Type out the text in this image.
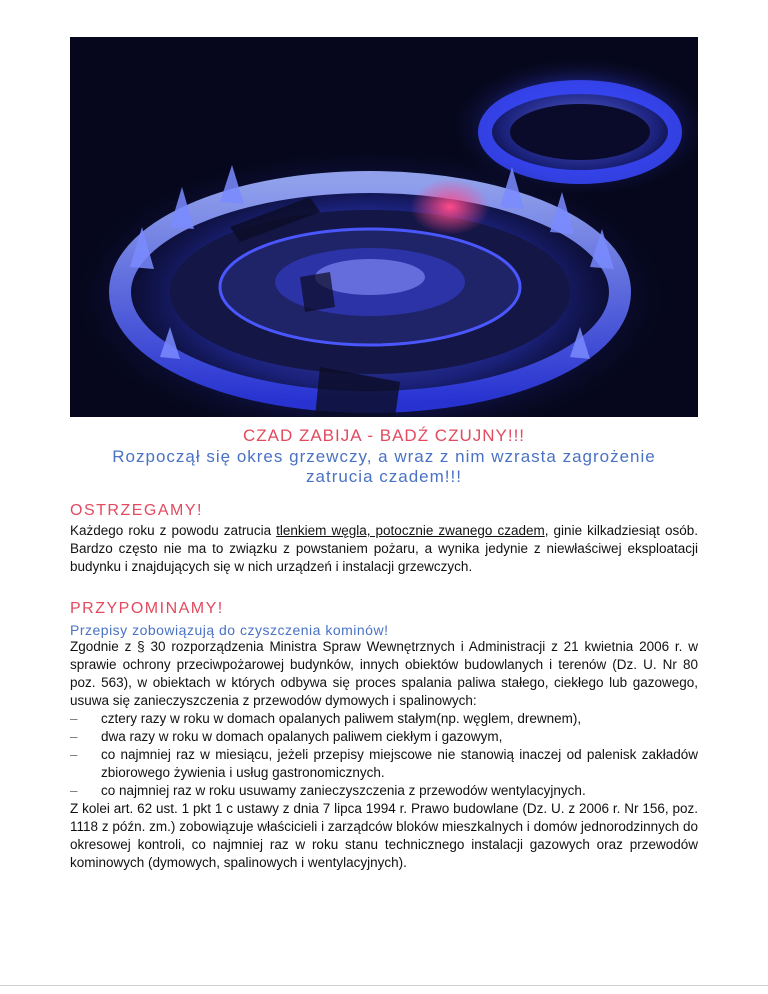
CZAD ZABIJA - BADŹ CZUJNY!!!
Rozpoczął się okres grzewczy, a wraz z nim wzrasta zagrożenie
zatrucia czadem!!!
OSTRZEGAMY!
Każdego roku z powodu zatrucia tlenkiem węgla, potocznie zwanego czadem, ginie kilkadziesiąt osób. Bardzo często nie ma to związku z powstaniem pożaru, a wynika jedynie z niewłaściwej eksploatacji budynku i znajdujących się w nich urządzeń i instalacji grzewczych.
PRZYPOMINAMY!
Przepisy zobowiązują do czyszczenia kominów!
Zgodnie z § 30 rozporządzenia Ministra Spraw Wewnętrznych i Administracji z 21 kwietnia 2006 r. w sprawie ochrony przeciwpożarowej budynków, innych obiektów budowlanych i terenów (Dz. U. Nr 80 poz. 563), w obiektach w których odbywa się proces spalania paliwa stałego, ciekłego lub gazowego, usuwa się zanieczyszczenia z przewodów dymowych i spalinowych:
– cztery razy w roku w domach opalanych paliwem stałym(np. węglem, drewnem),
– dwa razy w roku w domach opalanych paliwem ciekłym i gazowym,
– co najmniej raz w miesiącu, jeżeli przepisy miejscowe nie stanowią inaczej od palenisk zakładów zbiorowego żywienia i usług gastronomicznych.
– co najmniej raz w roku usuwamy zanieczyszczenia z przewodów wentylacyjnych.
Z kolei art. 62 ust. 1 pkt 1 c ustawy z dnia 7 lipca 1994 r. Prawo budowlane (Dz. U. z 2006 r. Nr 156, poz. 1118 z późn. zm.) zobowiązuje właścicieli i zarządców bloków mieszkalnych i domów jednorodzinnych do okresowej kontroli, co najmniej raz w roku stanu technicznego instalacji gazowych oraz przewodów kominowych (dymowych, spalinowych i wentylacyjnych).
